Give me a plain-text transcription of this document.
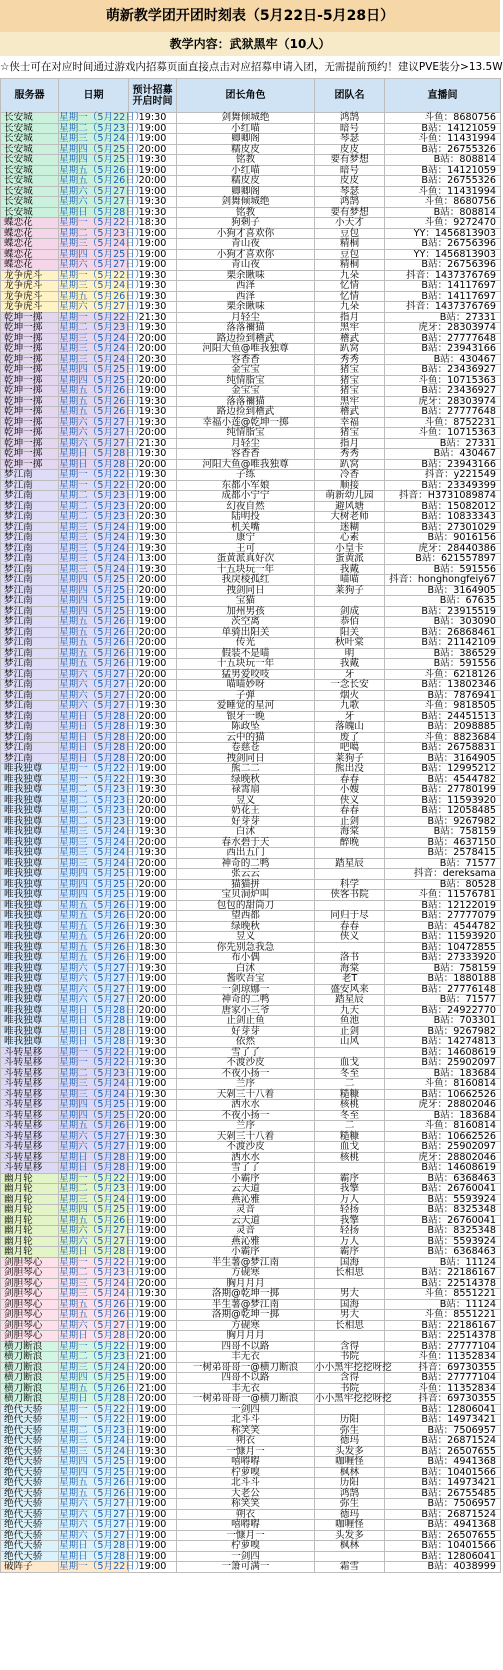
萌新教学团开团时刻表（5月22日-5月28日）
教学内容：武狱黑牢（10人）
☆侠士可在对应时间通过游戏内招募页面直接点击对应招募申请入团，无需提前预约！建议PVE装分>13.5W
服务器	日期	预计招募开启时间	团长角色	团队名	直播间
长安城	星期一（5月22日）	19:30	剑舞倾城绝	鸿鹄	斗鱼：8680756
长安城	星期二（5月23日）	19:00	小红喵	暗号	B站：14121059
长安城	星期三（5月24日）	19:00	卿卿阁	琴瑟	斗鱼：11431994
长安城	星期四（5月25日）	20:00	糯皮皮	皮皮	B站：26755326
长安城	星期四（5月25日）	19:30	铭教	要有梦想	B站：808814
长安城	星期五（5月26日）	19:00	小红喵	暗号	B站：14121059
长安城	星期五（5月26日）	20:00	糯皮皮	皮皮	B站：26755326
长安城	星期六（5月27日）	19:00	卿卿阁	琴瑟	斗鱼：11431994
长安城	星期六（5月27日）	19:30	剑舞倾城绝	鸿鹄	斗鱼：8680756
长安城	星期日（5月28日）	19:30	铭教	要有梦想	B站：808814
蝶恋花	星期一（5月22日）	18:30	狗剩子	小天才	斗鱼：9272470
蝶恋花	星期二（5月23日）	19:00	小狗才喜欢你	豆包	YY：1456813903
蝶恋花	星期三（5月24日）	19:00	青山夜	精桐	B站：26756396
蝶恋花	星期四（5月25日）	19:00	小狗才喜欢你	豆包	YY：1456813903
蝶恋花	星期六（5月27日）	19:00	青山夜	精桐	B站：26756396
龙争虎斗	星期一（5月22日）	19:30	栗余瞅味	九朵	抖音：1437376769
龙争虎斗	星期三（5月24日）	19:30	西泽	忆情	B站：14117697
龙争虎斗	星期五（5月26日）	19:30	西泽	忆情	B站：14117697
龙争虎斗	星期六（5月27日）	19:30	栗余瞅味	九朵	抖音：1437376769
乾坤一掷	星期一（5月22日）	21:30	月轻尘	指月	B站：27331
乾坤一掷	星期二（5月23日）	19:30	落落禰猫	黑牢	虎牙：28303974
乾坤一掷	星期三（5月24日）	20:00	路边捡到稽武	稽武	B站：27777648
乾坤一掷	星期三（5月24日）	20:00	河阳大鱼@唯我独尊	趴窝	B站：23943166
乾坤一掷	星期三（5月24日）	20:30	容香香	秀秀	B站：430467
乾坤一掷	星期四（5月25日）	19:00	金宝宝	猪宝	B站：23436927
乾坤一掷	星期四（5月25日）	20:00	纯情脂宝	猪宝	斗鱼：10715363
乾坤一掷	星期五（5月26日）	19:00	金宝宝	猪宝	B站：23436927
乾坤一掷	星期五（5月26日）	19:30	落落禰猫	黑牢	虎牙：28303974
乾坤一掷	星期五（5月26日）	19:30	路边捡到稽武	稽武	B站：27777648
乾坤一掷	星期六（5月27日）	19:30	幸福小莲@乾坤一掷	幸福	斗鱼：8752231
乾坤一掷	星期六（5月27日）	20:00	纯情脂宝	猪宝	斗鱼：10715363
乾坤一掷	星期六（5月27日）	21:30	月轻尘	指月	B站：27331
乾坤一掷	星期日（5月28日）	19:30	容香香	秀秀	B站：430467
乾坤一掷	星期日（5月28日）	20:00	河阳大鱼@唯我独尊	趴窝	B站：23943166
梦江南	星期一（5月22日）	19:30	子练	冷香	抖音：y221549
梦江南	星期一（5月22日）	20:00	东都小军娘	顺接	B站：23349399
梦江南	星期二（5月23日）	19:00	成都小宁宁	萌新幼儿园	抖音：H3731089874
梦江南	星期二（5月23日）	20:00	幻夜自然	避风塘	B站：15082012
梦江南	星期二（5月23日）	20:30	陆明投	大树老师	B站：10833343
梦江南	星期三（5月24日）	19:00	机关嘴	迷糊	B站：27301029
梦江南	星期三（5月24日）	19:30	康宁	心素	B站：9016156
梦江南	星期三（5月24日）	19:30	王可	小皇卡	虎牙：28440386
梦江南	星期三（5月24日）	13:00	蛋黄派真好次	蛋黄派	B站：621557897
梦江南	星期三（5月24日）	19:30	十五块玩一年	我戴	B站：591556
梦江南	星期四（5月25日）	20:00	我戾棱孤红	喵喵	抖音：honghongfeiy67
梦江南	星期四（5月25日）	20:00	拽剑同日	莱狗子	B站：3164905
梦江南	星期四（5月25日）	19:00	宝猫		B站：67635
梦江南	星期四（5月25日）	19:00	加州男孩	剑成	B站：23915519
梦江南	星期五（5月26日）	19:00	茨空离	恭佰	B站：303090
梦江南	星期五（5月26日）	20:00	单骑出阳关	阳关	B站：26868461
梦江南	星期五（5月26日）	20:00	传光	秋叶棠	B站：21142109
梦江南	星期五（5月26日）	19:00	假装不是喵	明	B站：386529
梦江南	星期五（5月26日）	19:00	十五块玩一年	我戴	B站：591556
梦江南	星期六（5月27日）	20:00	猛男爱咬吱	牙	斗鱼：6218126
梦江南	星期六（5月27日）	20:00	喵喵妙呀	一念长安	B站：13802346
梦江南	星期六（5月27日）	20:00	子弹	烟火	B站：7876941
梦江南	星期六（5月27日）	19:30	爱睡觉的星河	九歌	斗鱼：9818505
梦江南	星期日（5月28日）	20:00	银牙一晚	牙	B站：24451513
梦江南	星期日（5月28日）	19:30	陈政坠	落魄山	B站：2098885
梦江南	星期日（5月28日）	20:00	云中的猫	废了	斗鱼：8823684
梦江南	星期日（5月28日）	20:00	卷慈苍	吧噶	B站：26758831
梦江南	星期日（5月28日）	20:00	拽剑同日	莱狗子	B站：3164905
唯我独尊	星期一（5月22日）	19:00	熊二二	熊出没	B站：12995212
唯我独尊	星期一（5月22日）	19:30	绿晚秋	春春	B站：4544782
唯我独尊	星期二（5月23日）	19:30	禄霄扇	小嫂	B站：27780199
唯我独尊	星期二（5月23日）	20:00	昱义	侠义	B站：11593920
唯我独尊	星期二（5月23日）	20:00	奶花王	春春	B站：12058485
唯我独尊	星期二（5月23日）	19:00	好芽芽	止剑	B站：9267982
唯我独尊	星期三（5月24日）	19:30	白沭	海棠	B站：758159
唯我独尊	星期三（5月24日）	20:00	春水碧于天	醉晚	B站：4637150
唯我独尊	星期三（5月24日）	19:30	西出五门		B站：2578415
唯我独尊	星期三（5月24日）	20:00	神奇的二鸭	踏星辰	B站：71577
唯我独尊	星期四（5月25日）	19:00	张云云		抖音：dereksama
唯我独尊	星期四（5月25日）	20:00	猫猫拼	科学	B站：80528
唯我独尊	星期四（5月25日）	19:00	宝贝洞炉叫	侠客书院	斗鱼：11576781
唯我独尊	星期五（5月26日）	19:00	包包的甜筒刀		B站：12122019
唯我独尊	星期五（5月26日）	20:00	望西都	同归于尽	B站：27777079
唯我独尊	星期五（5月26日）	19:30	绿晚秋	春春	B站：4544782
唯我独尊	星期五（5月26日）	20:00	昱义	侠义	B站：11593920
唯我独尊	星期五（5月26日）	18:30	你先别急我急		B站：10472855
唯我独尊	星期五（5月26日）	19:00	布小偶	洛书	B站：27333920
唯我独尊	星期六（5月27日）	19:30	白沭	海棠	B站：758159
唯我独尊	星期六（5月27日）	19:00	酱吹吾宝	老T	B站：1880188
唯我独尊	星期六（5月27日）	19:00	一剑琼娜一	盛安风来	B站：27776148
唯我独尊	星期六（5月27日）	20:00	神奇的二鸭	踏星辰	B站：71577
唯我独尊	星期日（5月28日）	20:00	唐家小三爷	九天	B站：24922770
唯我独尊	星期日（5月28日）	19:00	止剑止鱼	鱼池	B站：703301
唯我独尊	星期日（5月28日）	19:00	好芽芽	止剑	B站：9267982
唯我独尊	星期日（5月28日）	19:30	依然	山风	B站：14274813
斗转星移	星期一（5月22日）	19:00	雪了了		B站：14608619
斗转星移	星期一（5月22日）	19:30	不渡沙皮	血戈	B站：25902097
斗转星移	星期二（5月23日）	19:00	不夜小扬一	冬至	B站：183684
斗转星移	星期三（5月24日）	19:00	兰序	二	斗鱼：8160814
斗转星移	星期三（5月24日）	19:30	天剁三十八着	糙糠	B站：10662526
斗转星移	星期四（5月25日）	19:00	洒水水	核桃	虎牙：28802046
斗转星移	星期四（5月25日）	20:00	不夜小扬一	冬至	B站：183684
斗转星移	星期五（5月26日）	19:00	兰序	二	斗鱼：8160814
斗转星移	星期六（5月27日）	19:30	天剁三十八着	糙糠	B站：10662526
斗转星移	星期六（5月27日）	19:00	不渡沙皮	血戈	B站：25902097
斗转星移	星期日（5月28日）	19:00	洒水水	核桃	虎牙：28802046
斗转星移	星期日（5月28日）	19:00	雪了了		B站：14608619
幽月轮	星期一（5月22日）	19:00	小霸序	霸序	B站：6368463
幽月轮	星期二（5月23日）	19:00	云天道	我擎	B站：26760041
幽月轮	星期三（5月24日）	19:00	燕沁雅	万人	B站：5593924
幽月轮	星期四（5月25日）	19:00	灵音	轻扬	B站：8325348
幽月轮	星期五（5月26日）	19:00	云天道	我擎	B站：26760041
幽月轮	星期六（5月27日）	19:00	灵音	轻扬	B站：8325348
幽月轮	星期六（5月27日）	19:00	燕沁雅	万人	B站：5593924
幽月轮	星期日（5月28日）	19:00	小霸序	霸序	B站：6368463
剑胆琴心	星期一（5月22日）	19:00	半生薯@梦江南	国海	B站：11124
剑胆琴心	星期二（5月23日）	19:00	方砚寒	长相思	B站：22186167
剑胆琴心	星期三（5月24日）	20:00	胸月月月		B站：22514378
剑胆琴心	星期三（5月24日）	19:30	洛期@乾坤一掷	男大	斗鱼：8551221
剑胆琴心	星期五（5月26日）	19:00	半生薯@梦江南	国海	B站：11124
剑胆琴心	星期五（5月26日）	19:00	洛期@乾坤一掷	男大	斗鱼：8551221
剑胆琴心	星期六（5月27日）	19:00	方砚寒	长相思	B站：22186167
剑胆琴心	星期日（5月28日）	20:00	胸月月月		B站：22514378
横刀断浪	星期一（5月22日）	19:00	四哥不以路	含得	B站：27777104
横刀断浪	星期二（5月23日）	21:00	丰无衣	书院	斗鱼：11352834
横刀断浪	星期三（5月24日）	20:00	一树弟哥哥一@横刀断浪	小小黑牢挖挖呀挖	抖音：69730355
横刀断浪	星期四（5月25日）	19:00	四哥不以路	含得	B站：27777104
横刀断浪	星期五（5月26日）	21:00	丰无衣	书院	斗鱼：11352834
横刀断浪	星期日（5月28日）	20:00	一树弟哥哥一@横刀断浪	小小黑牢挖挖呀挖	抖音：69730355
绝代天骄	星期一（5月22日）	19:00	一剑四		B站：12806041
绝代天骄	星期一（5月22日）	19:00	北斗斗	历阳	B站：14973421
绝代天骄	星期二（5月23日）	19:00	称笑笑	弥生	B站：7506957
绝代天骄	星期三（5月24日）	19:00	朔衣	德玛	B站：26871524
绝代天骄	星期三（5月24日）	19:30	一慷月一	头发多	B站：26507655
绝代天骄	星期四（5月25日）	19:00	嘻嘚嘚	咖喱怪	B站：4941368
绝代天骄	星期四（5月25日）	19:00	柠萝嗅	枫林	B站：10401566
绝代天骄	星期五（5月26日）	19:00	北斗斗	历阳	B站：14973421
绝代天骄	星期五（5月26日）	19:00	大老公	鸿鹄	B站：26755485
绝代天骄	星期六（5月27日）	19:00	称笑笑	弥生	B站：7506957
绝代天骄	星期六（5月27日）	19:00	朔衣	德玛	B站：26871524
绝代天骄	星期六（5月27日）	19:00	嘻嘚嘚	咖喱怪	B站：4941368
绝代天骄	星期六（5月27日）	19:00	一慷月一	头发多	B站：26507655
绝代天骄	星期日（5月28日）	19:00	柠萝嗅	枫林	B站：10401566
绝代天骄	星期日（5月28日）	19:00	一剑四		B站：12806041
破阵子	星期一（5月22日）	19:00	一箫可满一	霜雪	B站：4038999
